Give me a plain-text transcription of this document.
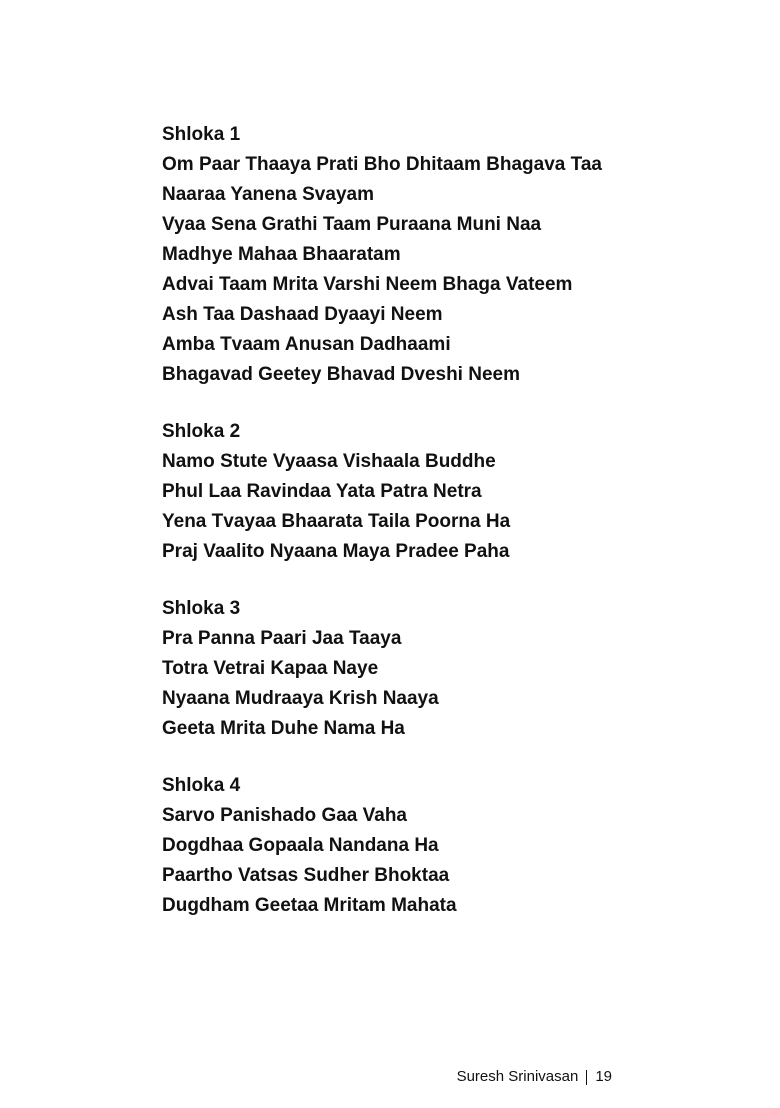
Shloka 1

Om Paar Thaaya Prati Bho Dhitaam Bhagava Taa

Naaraa Yanena Svayam

Vyaa Sena Grathi Taam Puraana Muni Naa

Madhye Mahaa Bhaaratam

Advai Taam Mrita Varshi Neem Bhaga Vateem

Ash Taa Dashaad Dyaayi Neem

Amba Tvaam Anusan Dadhaami

Bhagavad Geetey Bhavad Dveshi Neem

Shloka 2

Namo Stute Vyaasa Vishaala Buddhe

Phul Laa Ravindaa Yata Patra Netra

Yena Tvayaa Bhaarata Taila Poorna Ha

Praj Vaalito Nyaana Maya Pradee Paha

Shloka 3

Pra Panna Paari Jaa Taaya

Totra Vetrai Kapaa Naye

Nyaana Mudraaya Krish Naaya

Geeta Mrita Duhe Nama Ha

Shloka 4

Sarvo Panishado Gaa Vaha

Dogdhaa Gopaala Nandana Ha

Paartho Vatsas Sudher Bhoktaa

Dugdham Geetaa Mritam Mahata

Suresh Srinivasan 19
